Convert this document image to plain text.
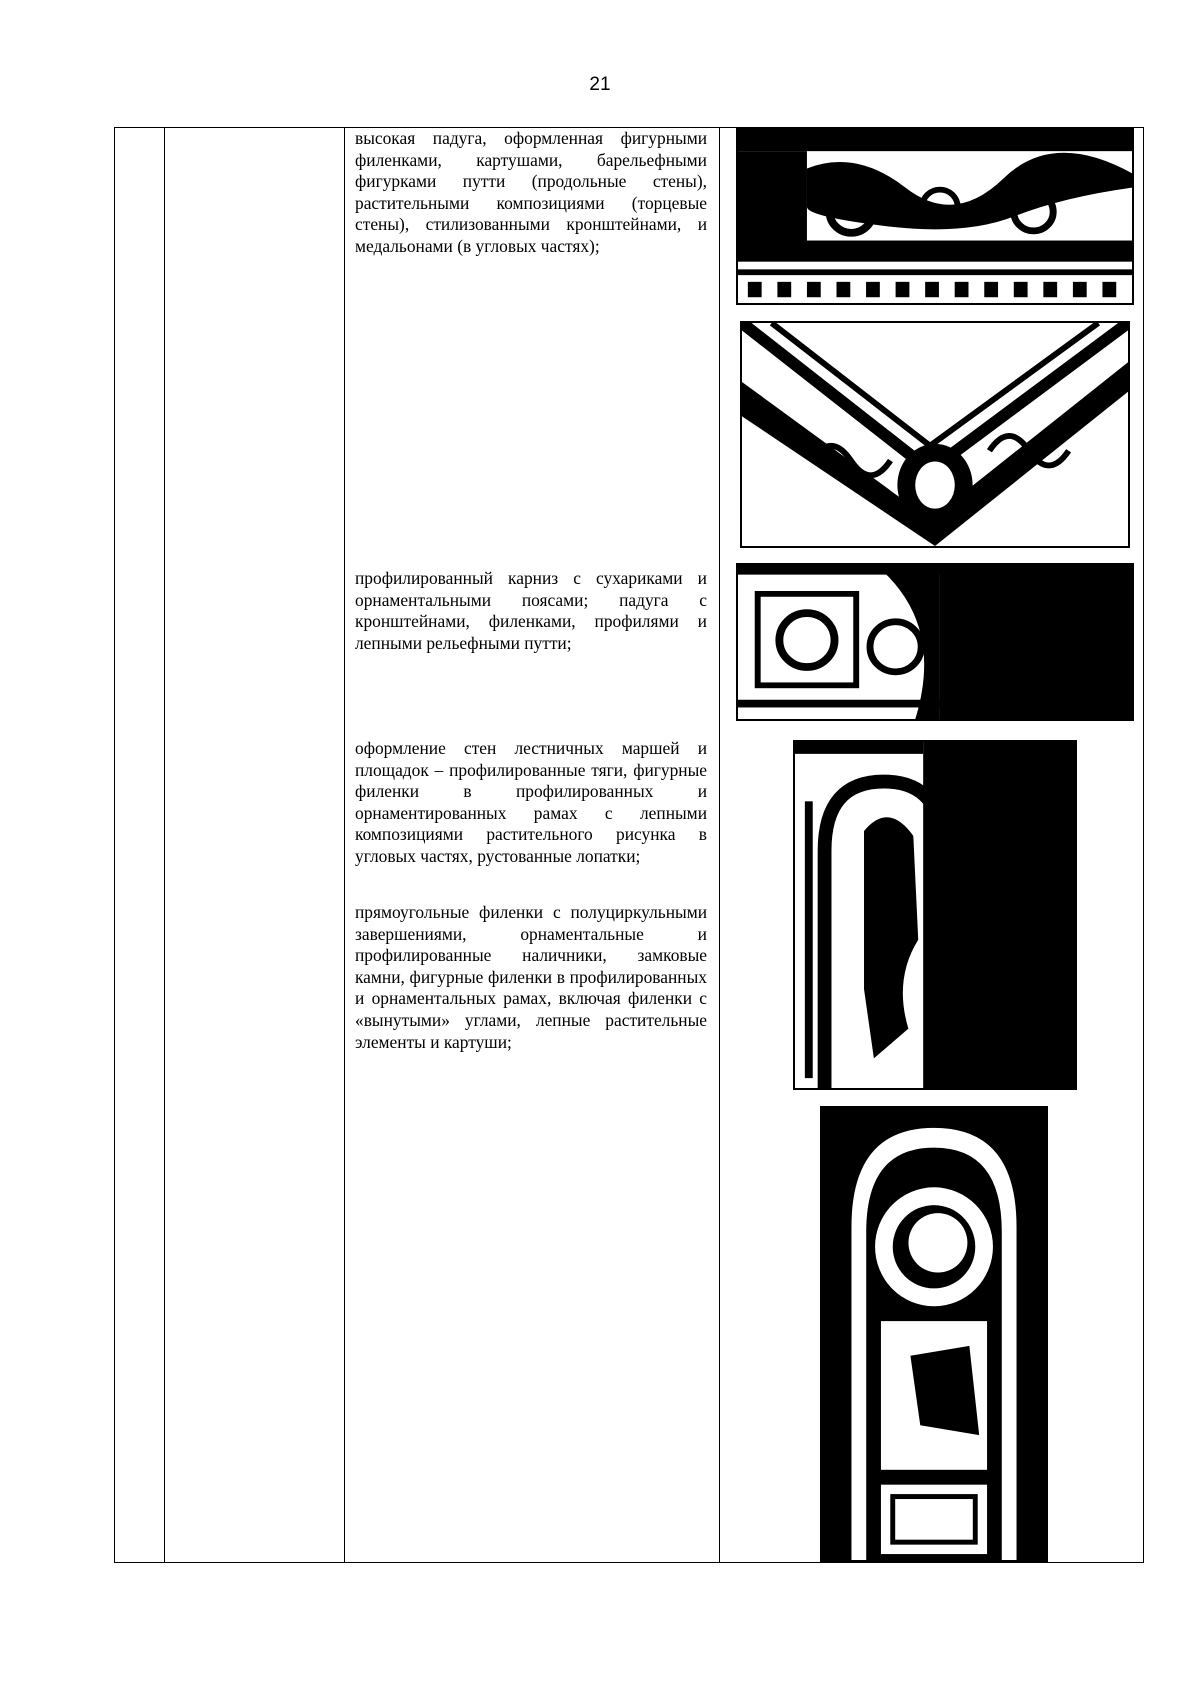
21
высокая падуга, оформленная фигурными филенками, картушами, барельефными фигурками путти (продольные стены), растительными композициями (торцевые стены), стилизованными кронштейнами, и медальонами (в угловых частях);
профилированный карниз с сухариками и орнаментальными поясами; падуга с кронштейнами, филенками, профилями и лепными рельефными путти;
оформление стен лестничных маршей и площадок – профилированные тяги, фигурные филенки в профилированных и орнаментированных рамах с лепными композициями растительного рисунка в угловых частях, рустованные лопатки;
прямоугольные филенки с полуциркульными завершениями, орнаментальные и профилированные наличники, замковые камни, фигурные филенки в профилированных и орнаментальных рамах, включая филенки с «вынутыми» углами, лепные растительные элементы и картуши;
